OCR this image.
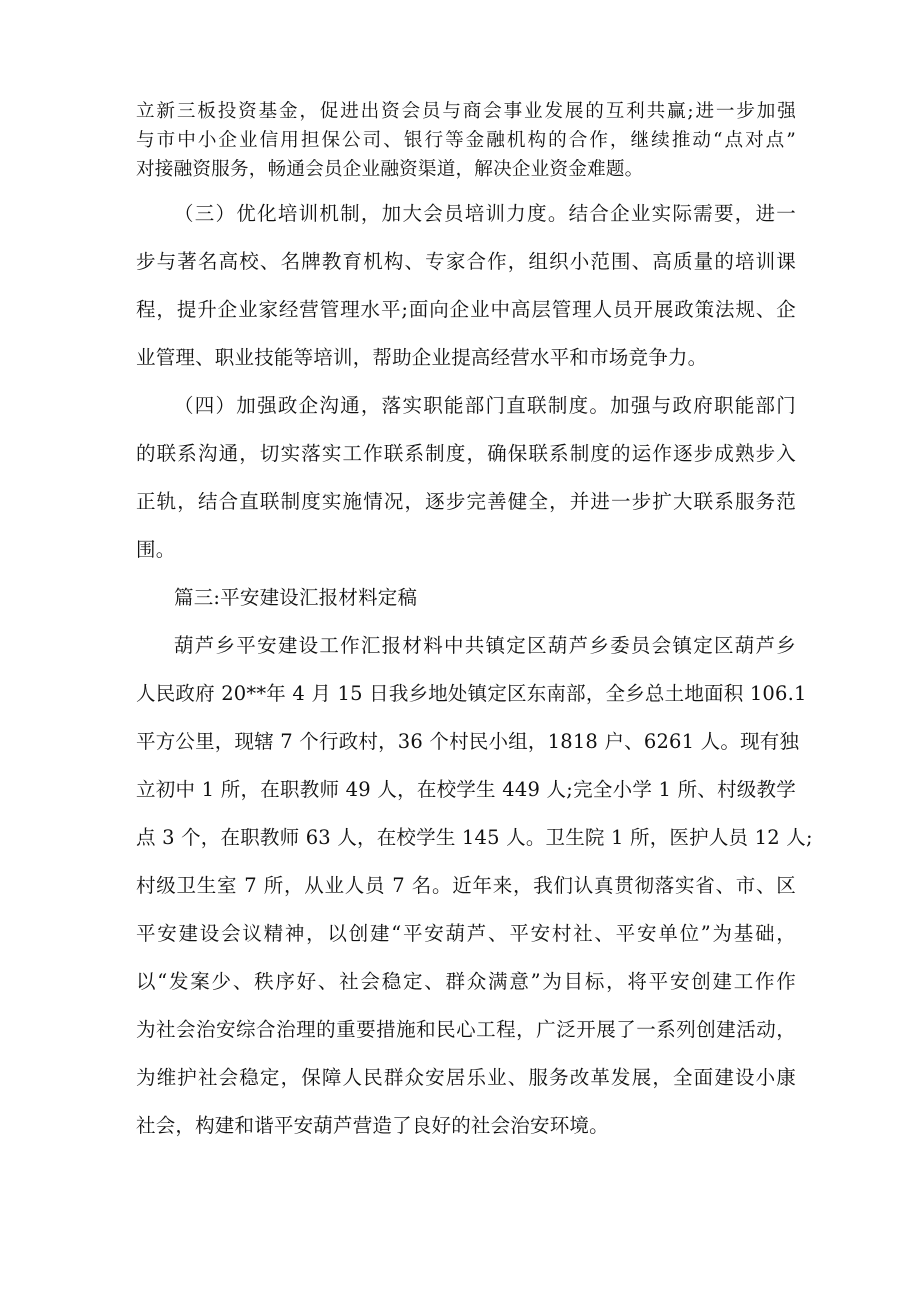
立新三板投资基金，促进出资会员与商会事业发展的互利共赢;进一步加强
与市中小企业信用担保公司、银行等金融机构的合作，继续推动“点对点”
对接融资服务，畅通会员企业融资渠道，解决企业资金难题。
（三）优化培训机制，加大会员培训力度。结合企业实际需要，进一
步与著名高校、名牌教育机构、专家合作，组织小范围、高质量的培训课
程，提升企业家经营管理水平;面向企业中高层管理人员开展政策法规、企
业管理、职业技能等培训，帮助企业提高经营水平和市场竞争力。
（四）加强政企沟通，落实职能部门直联制度。加强与政府职能部门
的联系沟通，切实落实工作联系制度，确保联系制度的运作逐步成熟步入
正轨，结合直联制度实施情况，逐步完善健全，并进一步扩大联系服务范
围。
篇三:平安建设汇报材料定稿
葫芦乡平安建设工作汇报材料中共镇定区葫芦乡委员会镇定区葫芦乡
人民政府 20**年 4 月 15 日我乡地处镇定区东南部，全乡总土地面积 106.1
平方公里，现辖 7 个行政村，36 个村民小组，1818 户、6261 人。现有独
立初中 1 所，在职教师 49 人，在校学生 449 人;完全小学 1 所、村级教学
点 3 个，在职教师 63 人，在校学生 145 人。卫生院 1 所，医护人员 12 人;
村级卫生室 7 所，从业人员 7 名。近年来，我们认真贯彻落实省、市、区
平安建设会议精神，以创建“平安葫芦、平安村社、平安单位”为基础，
以“发案少、秩序好、社会稳定、群众满意”为目标，将平安创建工作作
为社会治安综合治理的重要措施和民心工程，广泛开展了一系列创建活动，
为维护社会稳定，保障人民群众安居乐业、服务改革发展，全面建设小康
社会，构建和谐平安葫芦营造了良好的社会治安环境。
